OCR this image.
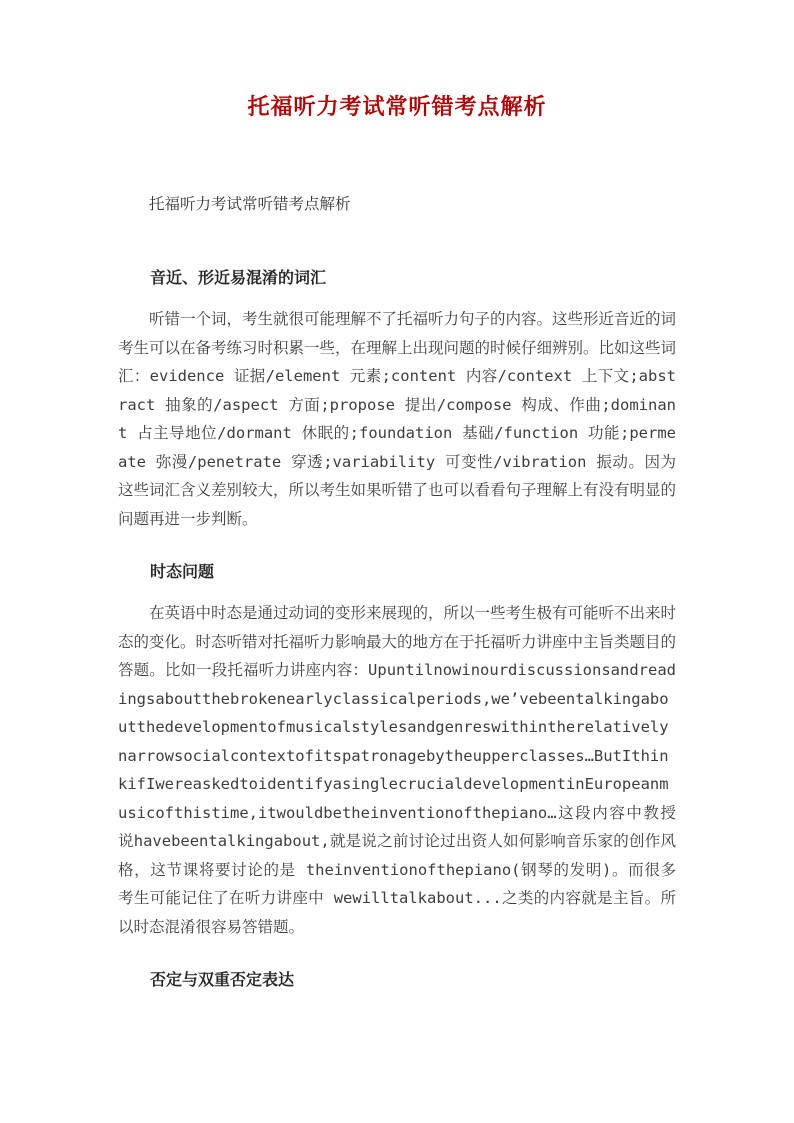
托福听力考试常听错考点解析

托福听力考试常听错考点解析

音近、形近易混淆的词汇

听错一个词，考生就很可能理解不了托福听力句子的内容。这些形近音近的词考生可以在备考练习时积累一些，在理解上出现问题的时候仔细辨别。比如这些词汇：evidence 证据/element 元素;content 内容/context 上下文;abstract 抽象的/aspect 方面;propose 提出/compose 构成、作曲;dominant 占主导地位/dormant 休眠的;foundation 基础/function 功能;permeate 弥漫/penetrate 穿透;variability 可变性/vibration 振动。因为这些词汇含义差别较大，所以考生如果听错了也可以看看句子理解上有没有明显的问题再进一步判断。

时态问题

在英语中时态是通过动词的变形来展现的，所以一些考生极有可能听不出来时态的变化。时态听错对托福听力影响最大的地方在于托福听力讲座中主旨类题目的答题。比如一段托福听力讲座内容：Upuntilnowinourdiscussionsandreadingsaboutthebrokenearlyclassicalperiods,we’vebeentalkingaboutthedevelopmentofmusicalstylesandgenreswithintherelativelynarrowsocialcontextofitspatronagebytheupperclasses…ButIthinkifIwereaskedtoidentifyasinglecrucialdevelopmentinEuropeanmusicofthistime,itwouldbetheinventionofthepiano…这段内容中教授说havebeentalkingabout,就是说之前讨论过出资人如何影响音乐家的创作风格，这节课将要讨论的是 theinventionofthepiano(钢琴的发明)。而很多考生可能记住了在听力讲座中 wewilltalkabout...之类的内容就是主旨。所以时态混淆很容易答错题。

否定与双重否定表达
